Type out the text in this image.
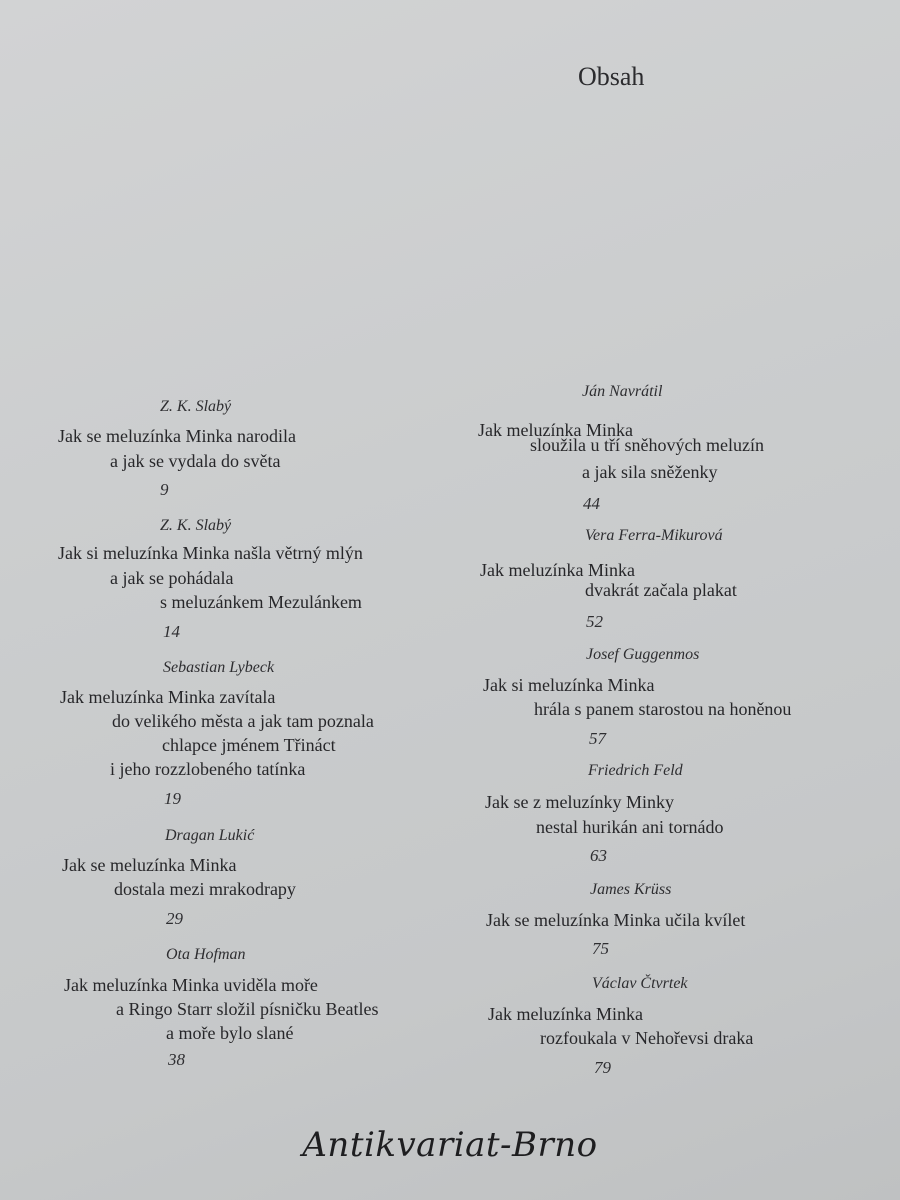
Obsah
Z. K. Slabý
Jak se meluzínka Minka narodila
a jak se vydala do světa
9
Z. K. Slabý
Jak si meluzínka Minka našla větrný mlýn
a jak se pohádala
s meluzánkem Mezulánkem
14
Sebastian Lybeck
Jak meluzínka Minka zavítala
do velikého města a jak tam poznala
chlapce jménem Třináct
i jeho rozzlobeného tatínka
19
Dragan Lukić
Jak se meluzínka Minka
dostala mezi mrakodrapy
29
Ota Hofman
Jak meluzínka Minka uviděla moře
a Ringo Starr složil písničku Beatles
a moře bylo slané
38
Ján Navrátil
Jak meluzínka Minka
sloužila u tří sněhových meluzín
a jak sila sněženky
44
Vera Ferra-Mikurová
Jak meluzínka Minka
dvakrát začala plakat
52
Josef Guggenmos
Jak si meluzínka Minka
hrála s panem starostou na honěnou
57
Friedrich Feld
Jak se z meluzínky Minky
nestal hurikán ani tornádo
63
James Krüss
Jak se meluzínka Minka učila kvílet
75
Václav Čtvrtek
Jak meluzínka Minka
rozfoukala v Nehořevsi draka
79
Antikvariat-Brno
